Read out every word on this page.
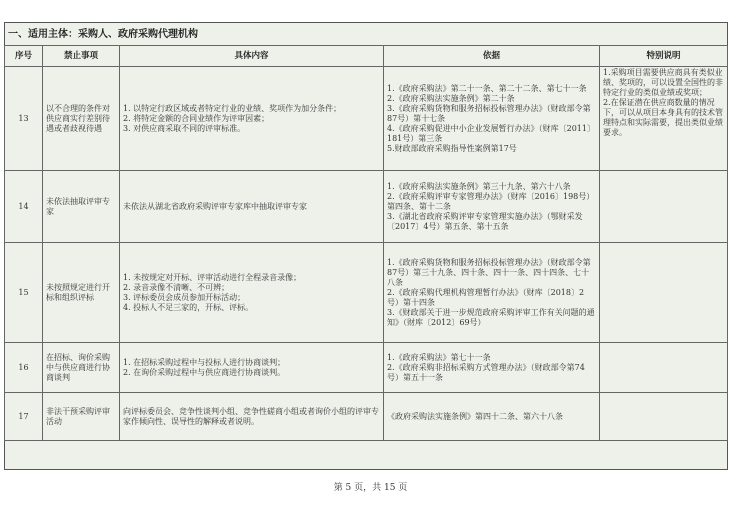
一、适用主体：采购人、政府采购代理机构
序号	禁止事项	具体内容	依据	特别说明
13	以不合理的条件对供应商实行差别待遇或者歧视待遇	1. 以特定行政区域或者特定行业的业绩、奖项作为加分条件；
2. 将特定金额的合同业绩作为评审因素；
3. 对供应商采取不同的评审标准。	1.《政府采购法》第二十一条、第二十二条、第七十一条
2.《政府采购法实施条例》第二十条
3.《政府采购货物和服务招标投标管理办法》（财政部令第87号）第十七条
4.《政府采购促进中小企业发展暂行办法》（财库〔2011〕181号）第三条
5.财政部政府采购指导性案例第17号	1.采购项目需要供应商具有类似业绩、奖项的，可以设置全国性的非特定行业的类似业绩或奖项；
2.在保证潜在供应商数量的情况下，可以从项目本身具有的技术管理特点和实际需要，提出类似业绩要求。

14	未依法抽取评审专家	未依法从湖北省政府采购评审专家库中抽取评审专家	1.《政府采购法实施条例》第三十九条、第六十八条
2.《政府采购评审专家管理办法》（财库〔2016〕198号）第四条、第十二条
3.《湖北省政府采购评审专家管理实施办法》（鄂财采发〔2017〕4号）第五条、第十五条	

15	未按照规定进行开标和组织评标	1. 未按规定对开标、评审活动进行全程录音录像；
2. 录音录像不清晰、不可辨；
3. 评标委员会成员参加开标活动；
4. 投标人不足三家的，开标、评标。	1.《政府采购货物和服务招标投标管理办法》（财政部令第87号）第三十九条、四十条、四十一条、四十四条、七十八条
2.《政府采购代理机构管理暂行办法》（财库〔2018〕2号）第十四条
3.《财政部关于进一步规范政府采购评审工作有关问题的通知》（财库〔2012〕69号）	

16	在招标、询价采购中与供应商进行协商谈判	1. 在招标采购过程中与投标人进行协商谈判；
2. 在询价采购过程中与供应商进行协商谈判。	1.《政府采购法》第七十一条
2.《政府采购非招标采购方式管理办法》（财政部令第74号）第五十一条	

17	非法干预采购评审活动	向评标委员会、竞争性谈判小组、竞争性磋商小组或者询价小组的评审专家作倾向性、误导性的解释或者说明。	《政府采购法实施条例》第四十二条、第六十八条	

第 5 页，共 15 页
